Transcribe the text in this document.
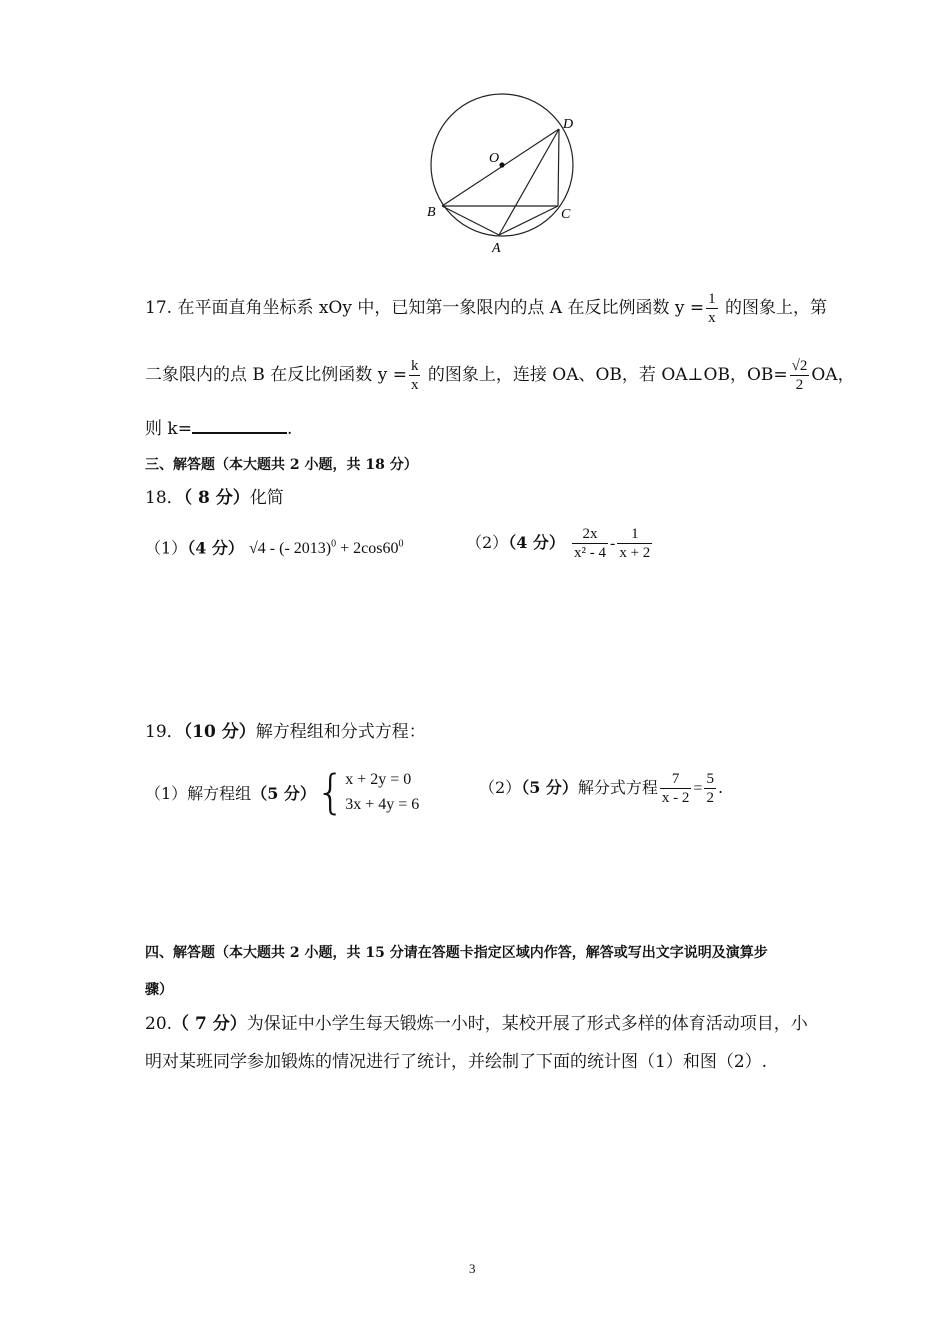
O
D
B	C
A
17. 在平面直角坐标系 xOy 中，已知第一象限内的点 A 在反比例函数 $y = \frac{1}{x}$ 的图象上，第
二象限内的点 B 在反比例函数 $y = \frac{k}{x}$ 的图象上，连接 OA、OB，若 OA⊥OB，$OB= \frac{√2}{2}$ OA，
则 k=	.
三、解答题（本大题共 2 小题，共 18 分）
18．（ 8 分）化简
（1）（4 分） √4 - (- $2013)^0 + 2\cos 60^0$	（2）（4 分） $\frac{2x}{\text{x² - 4}} - \frac{1}{x + 2}$
19．（10 分）解方程组和分式方程：
（1）解方程组 （5 分） { x + 2y = 0
3x + 4y = 6
（2）（5 分）解分式方程 $\frac{7}{x - 2} = \frac{5}{2}$ .
四、解答题（本大题共 2 小题，共 15 分请在答题卡指定区域内作答，解答或写出文字说明及演算步
骤）
20.（ 7 分）为保证中小学生每天锻炼一小时，某校开展了形式多样的体育活动项目，小
明对某班同学参加锻炼的情况进行了统计，并绘制了下面的统计图（1）和图（2）.
3
